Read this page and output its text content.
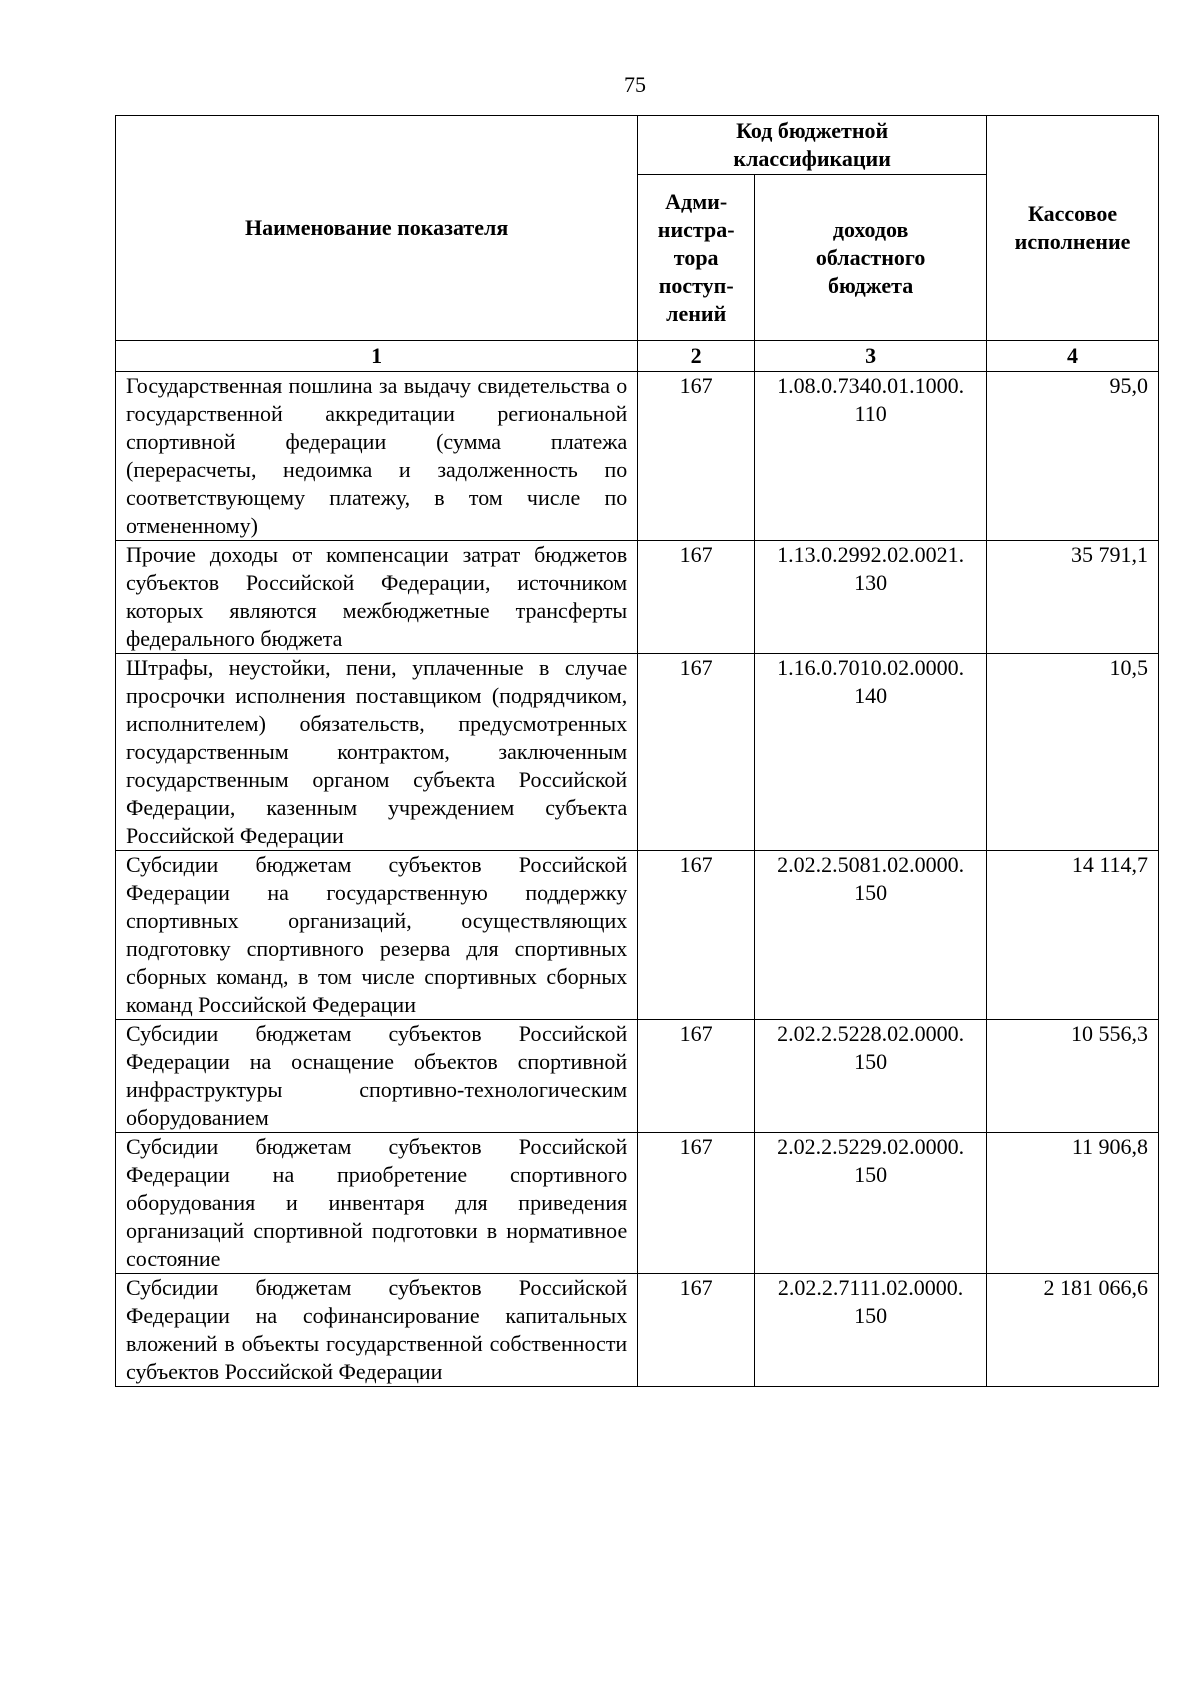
75
Наименование показателя	Код бюджетной классификации		Кассовое исполнение
	Адми-нистра-тора поступ-лений	доходов областного бюджета	
1	2	3	4
Государственная пошлина за выдачу свидетельства о государственной аккредитации региональной спортивной федерации (сумма платежа (перерасчеты, недоимка и задолженность по соответствующему платежу, в том числе по отмененному)	167	1.08.0.7340.01.1000. 110	95,0
Прочие доходы от компенсации затрат бюджетов субъектов Российской Федерации, источником которых являются межбюджетные трансферты федерального бюджета	167	1.13.0.2992.02.0021. 130	35 791,1
Штрафы, неустойки, пени, уплаченные в случае просрочки исполнения поставщиком (подрядчиком, исполнителем) обязательств, предусмотренных государственным контрактом, заключенным государственным органом субъекта Российской Федерации, казенным учреждением субъекта Российской Федерации	167	1.16.0.7010.02.0000. 140	10,5
Субсидии бюджетам субъектов Российской Федерации на государственную поддержку спортивных организаций, осуществляющих подготовку спортивного резерва для спортивных сборных команд, в том числе спортивных сборных команд Российской Федерации	167	2.02.2.5081.02.0000. 150	14 114,7
Субсидии бюджетам субъектов Российской Федерации на оснащение объектов спортивной инфраструктуры спортивно-технологическим оборудованием	167	2.02.2.5228.02.0000. 150	10 556,3
Субсидии бюджетам субъектов Российской Федерации на приобретение спортивного оборудования и инвентаря для приведения организаций спортивной подготовки в нормативное состояние	167	2.02.2.5229.02.0000. 150	11 906,8
Субсидии бюджетам субъектов Российской Федерации на софинансирование капитальных вложений в объекты государственной собственности субъектов Российской Федерации	167	2.02.2.7111.02.0000. 150	2 181 066,6
